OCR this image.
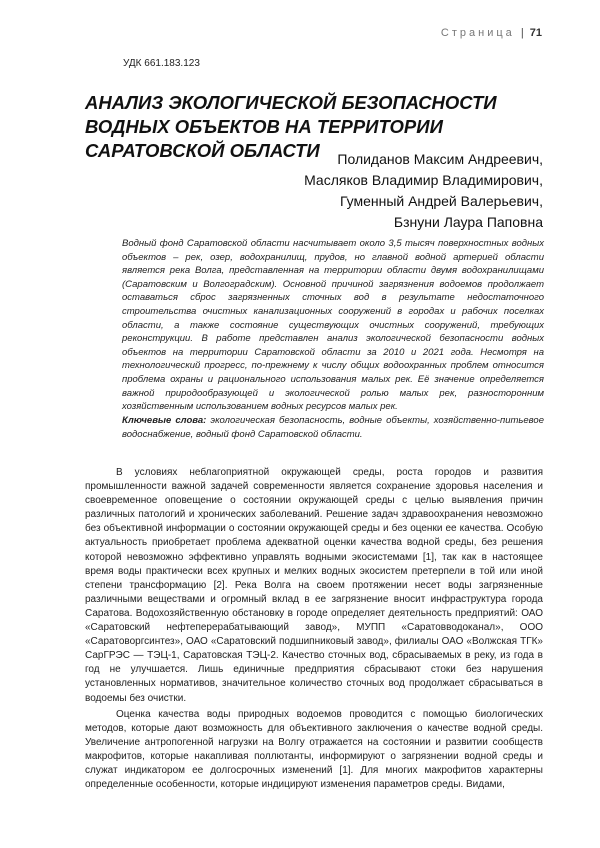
Страница | 71
УДК 661.183.123
АНАЛИЗ ЭКОЛОГИЧЕСКОЙ БЕЗОПАСНОСТИ ВОДНЫХ ОБЪЕКТОВ НА ТЕРРИТОРИИ САРАТОВСКОЙ ОБЛАСТИ	Полиданов Максим Андреевич,
Масляков Владимир Владимирович,
Гуменный Андрей Валерьевич,
Бзнуни Лаура Паповна
Водный фонд Саратовской области насчитывает около 3,5 тысяч поверхностных водных объектов – рек, озер, водохранилищ, прудов, но главной водной артерией области является река Волга, представленная на территории области двумя водохранилищами (Саратовским и Волгоградским). Основной причиной загрязнения водоемов продолжает оставаться сброс загрязненных сточных вод в результате недостаточного строительства очистных канализационных сооружений в городах и рабочих поселках области, а также состояние существующих очистных сооружений, требующих реконструкции. В работе представлен анализ экологической безопасности водных объектов на территории Саратовской области за 2010 и 2021 года. Несмотря на технологический прогресс, по-прежнему к числу общих водоохранных проблем относится проблема охраны и рационального использования малых рек. Её значение определяется важной природообразующей и экологической ролью малых рек, разносторонним хозяйственным использованием водных ресурсов малых рек.
Ключевые слова: экологическая безопасность, водные объекты, хозяйственно-питьевое водоснабжение, водный фонд Саратовской области.

В условиях неблагоприятной окружающей среды, роста городов и развития промышленности важной задачей современности является сохранение здоровья населения и своевременное оповещение о состоянии окружающей среды с целью выявления причин различных патологий и хронических заболеваний. Решение задач здравоохранения невозможно без объективной информации о состоянии окружающей среды и без оценки ее качества. Особую актуальность приобретает проблема адекватной оценки качества водной среды, без решения которой невозможно эффективно управлять водными экосистемами [1], так как в настоящее время воды практически всех крупных и мелких водных экосистем претерпели в той или иной степени трансформацию [2]. Река Волга на своем протяжении несет воды загрязненные различными веществами и огромный вклад в ее загрязнение вносит инфраструктура города Саратова. Водохозяйственную обстановку в городе определяет деятельность предприятий: ОАО «Саратовский нефтеперерабатывающий завод», МУПП «Саратовводоканал», ООО «Саратоворгсинтез», ОАО «Саратовский подшипниковый завод», филиалы ОАО «Волжская ТГК» СарГРЭС — ТЭЦ-1, Саратовская ТЭЦ-2. Качество сточных вод, сбрасываемых в реку, из года в год не улучшается. Лишь единичные предприятия сбрасывают стоки без нарушения установленных нормативов, значительное количество сточных вод продолжает сбрасываться в водоемы без очистки.

Оценка качества воды природных водоемов проводится с помощью биологических методов, которые дают возможность для объективного заключения о качестве водной среды. Увеличение антропогенной нагрузки на Волгу отражается на состоянии и развитии сообществ макрофитов, которые накапливая поллютанты, информируют о загрязнении водной среды и служат индикатором ее долгосрочных изменений [1]. Для многих макрофитов характерны определенные особенности, которые индицируют изменения параметров среды. Видами,
